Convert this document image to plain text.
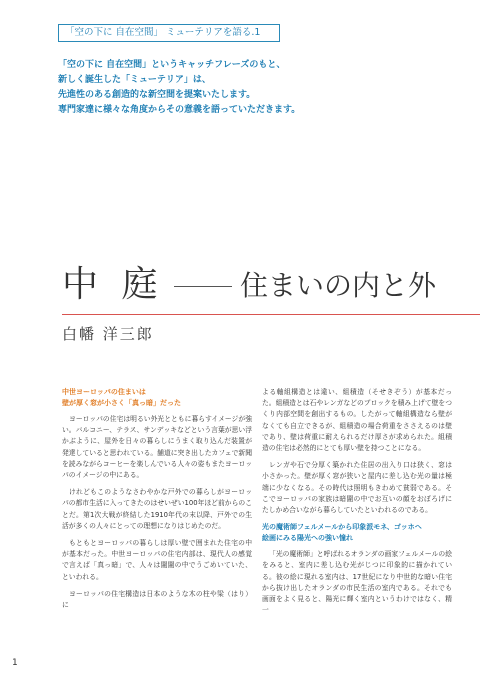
「空の下に 自在空間」 ミューテリアを語る.1
「空の下に 自在空間」というキャッチフレーズのもと、
新しく誕生した「ミューテリア」は、
先進性のある創造的な新空間を提案いたします。
専門家達に様々な角度からその意義を語っていただきます。
中 庭	住まいの内と外
白幡 洋三郎
中世ヨーロッパの住まいは
壁が厚く窓が小さく「真っ暗」だった

ヨーロッパの住宅は明るい外光とともに暮らすイメージが強い。バルコニー、テラス、サンデッキなどという言葉が思い浮かぶように、屋外を日々の暮らしにうまく取り込んだ装置が発達していると思われている。舗道に突き出したカフェで新聞を読みながらコーヒーを楽しんでいる人々の姿もまたヨーロッパのイメージの中にある。

けれどもこのようなさわやかな戸外での暮らしがヨーロッパの都市生活に入ってきたのはせいぜい100年ほど前からのことだ。第1次大戦が終結した1910年代の末以降、戸外での生活が多くの人々にとっての理想になりはじめたのだ。

もともとヨーロッパの暮らしは厚い壁で囲まれた住宅の中が基本だった。中世ヨーロッパの住宅内部は、現代人の感覚で言えば「真っ暗」で、人々は闇闇の中でうごめいていた、といわれる。

ヨーロッパの住宅構造は日本のような木の柱や梁（はり）に

よる軸組構造とは違い、組積造（そせきぞう）が基本だった。組積造とは石やレンガなどのブロックを積み上げて壁をつくり内部空間を創出するもの。したがって軸組構造なら壁がなくても自立できるが、組積造の場合荷重をささえるのは壁であり、壁は荷重に耐えられるだけ厚さが求められた。組積造の住宅は必然的にとても厚い壁を持つことになる。

レンガや石で分厚く築かれた住居の出入り口は狭く、窓は小さかった。壁が厚く窓が狭いと屋内に差し込む光の量は極端に少なくなる。その時代は照明もきわめて貧弱である。そこでヨーロッパの家族は暗闇の中でお互いの顔をおぼろげにたしかめ合いながら暮らしていたといわれるのである。

光の魔術師フェルメールから印象派モネ、ゴッホへ
絵画にみる陽光への強い憧れ

「光の魔術師」と呼ばれるオランダの画家フェルメールの絵をみると、室内に差し込む光がじつに印象的に描かれている。彼の絵に現れる室内は、17世紀になり中世的な暗い住宅から抜け出したオランダの市民生活の室内である。それでも画面をよく見ると、陽光に輝く室内というわけではなく、精一

1
